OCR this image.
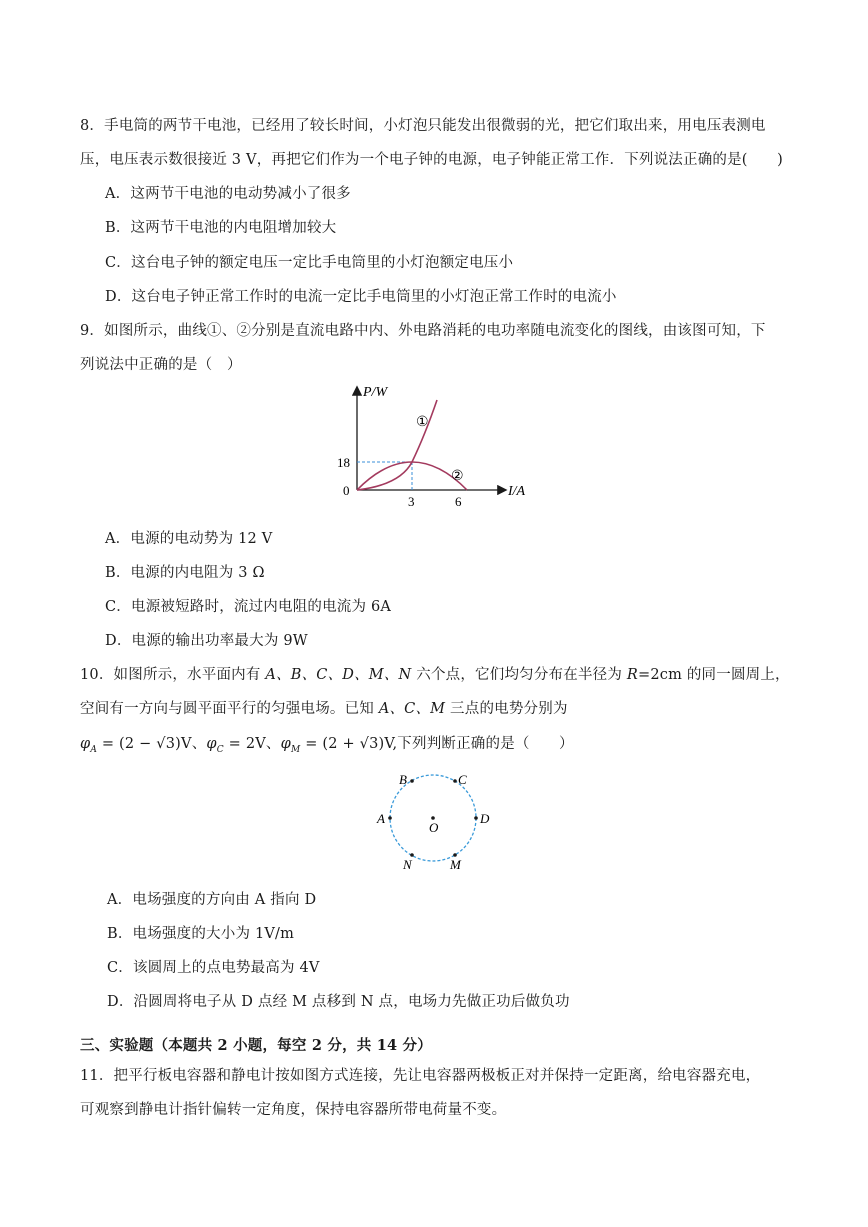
8．手电筒的两节干电池，已经用了较长时间，小灯泡只能发出很微弱的光，把它们取出来，用电压表测电
压，电压表示数很接近 3 V，再把它们作为一个电子钟的电源，电子钟能正常工作．下列说法正确的是(　　)
A．这两节干电池的电动势减小了很多
B．这两节干电池的内电阻增加较大
C．这台电子钟的额定电压一定比手电筒里的小灯泡额定电压小
D．这台电子钟正常工作时的电流一定比手电筒里的小灯泡正常工作时的电流小
9．如图所示，曲线①、②分别是直流电路中内、外电路消耗的电功率随电流变化的图线，由该图可知，下
列说法中正确的是（　）
P/W
I/A
0
18
3	6
①
②
A．电源的电动势为 12 V
B．电源的内电阻为 3 Ω
C．电源被短路时，流过内电阻的电流为 6A
D．电源的输出功率最大为 9W
10．如图所示，水平面内有 A、B、C、D、M、N 六个点，它们均匀分布在半径为 R=2cm 的同一圆周上，
空间有一方向与圆平面平行的匀强电场。已知 A、C、M 三点的电势分别为
$\varphi_A = (2 - √3)V$、$\varphi_C = 2V$、$\varphi_M = (2 + √3)V$,下列判断正确的是（　　）
B	C
A
O
D
N	M
A．电场强度的方向由 A 指向 D
B．电场强度的大小为 1V/m
C．该圆周上的点电势最高为 4V
D．沿圆周将电子从 D 点经 M 点移到 N 点，电场力先做正功后做负功
三、实验题（本题共 2 小题，每空 2 分，共 14 分）
11．把平行板电容器和静电计按如图方式连接，先让电容器两极板正对并保持一定距离，给电容器充电，
可观察到静电计指针偏转一定角度，保持电容器所带电荷量不变。
